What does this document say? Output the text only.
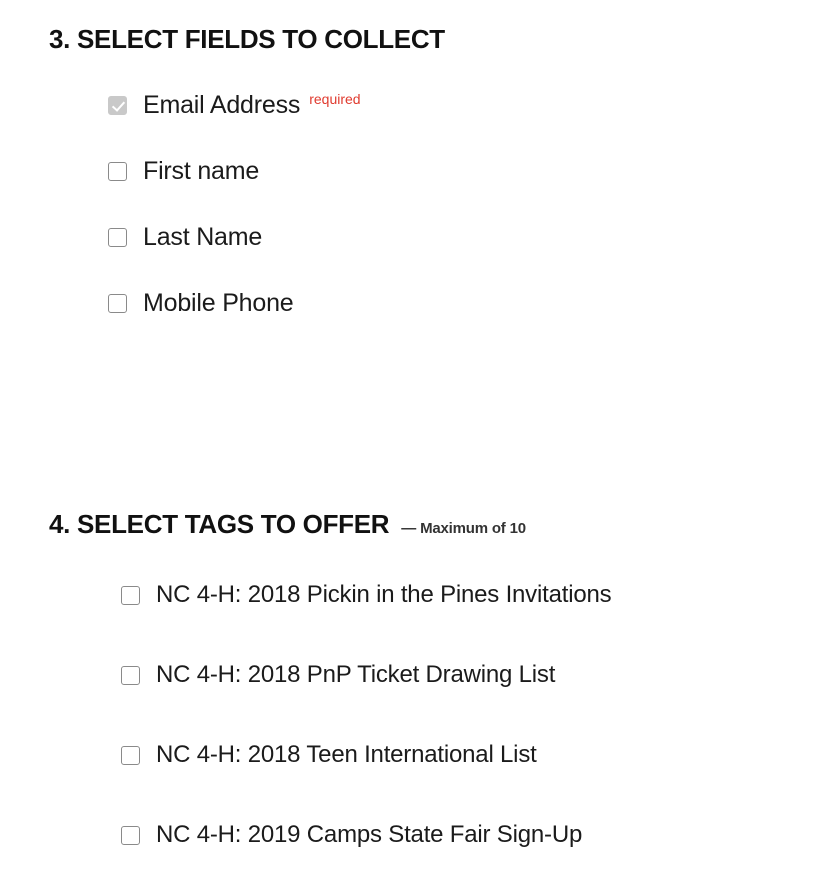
3. SELECT FIELDS TO COLLECT
Email Address required
First name
Last Name
Mobile Phone
4. SELECT TAGS TO OFFER — Maximum of 10
NC 4-H: 2018 Pickin in the Pines Invitations
NC 4-H: 2018 PnP Ticket Drawing List
NC 4-H: 2018 Teen International List
NC 4-H: 2019 Camps State Fair Sign-Up
